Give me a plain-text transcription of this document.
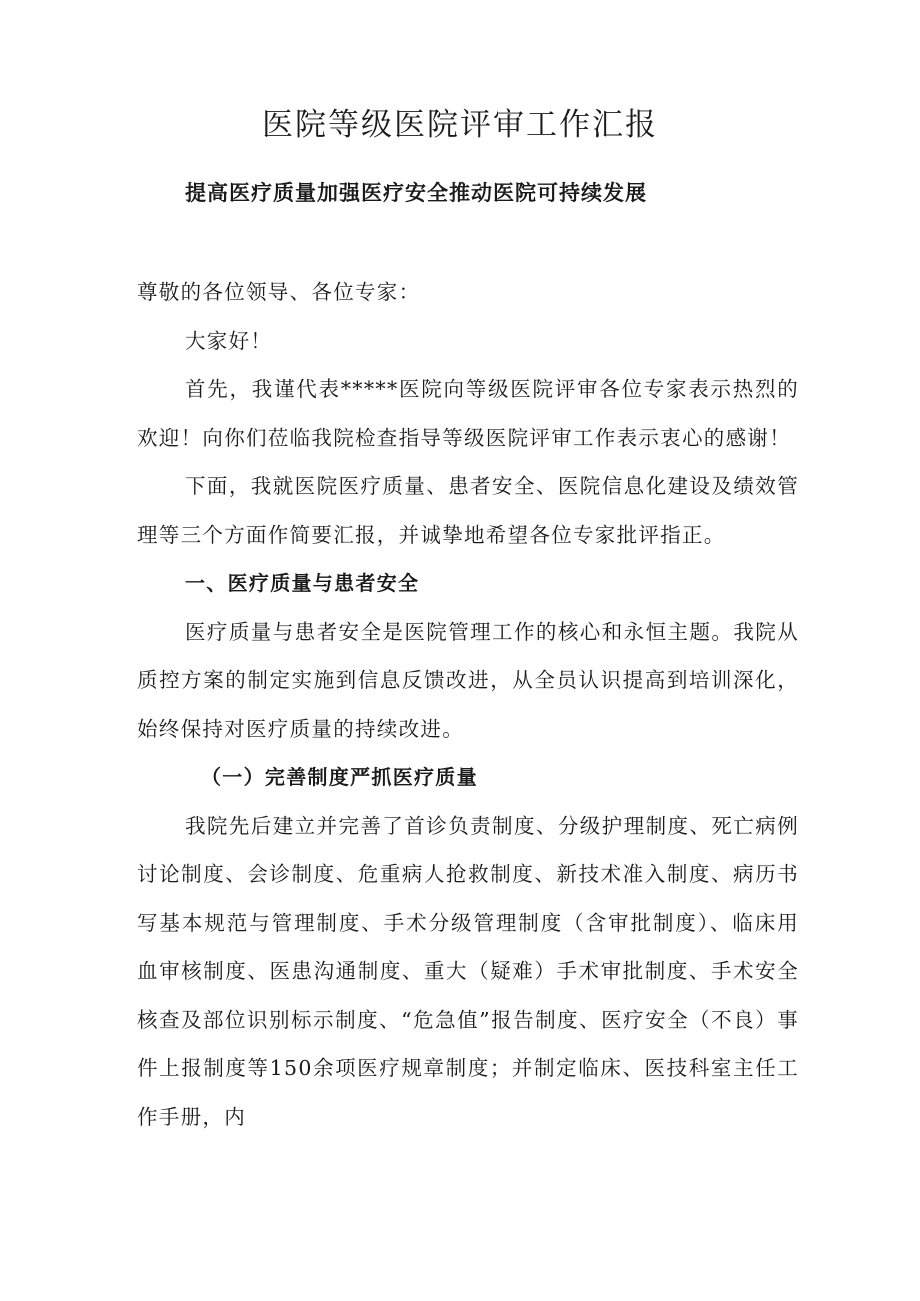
医院等级医院评审工作汇报
提高医疗质量加强医疗安全推动医院可持续发展

尊敬的各位领导、各位专家：

大家好！

首先，我谨代表*****医院向等级医院评审各位专家表示热烈的欢迎！向你们莅临我院检查指导等级医院评审工作表示衷心的感谢！

下面，我就医院医疗质量、患者安全、医院信息化建设及绩效管理等三个方面作简要汇报，并诚挚地希望各位专家批评指正。

一、医疗质量与患者安全

医疗质量与患者安全是医院管理工作的核心和永恒主题。我院从质控方案的制定实施到信息反馈改进，从全员认识提高到培训深化，始终保持对医疗质量的持续改进。

（一）完善制度严抓医疗质量

我院先后建立并完善了首诊负责制度、分级护理制度、死亡病例讨论制度、会诊制度、危重病人抢救制度、新技术准入制度、病历书写基本规范与管理制度、手术分级管理制度（含审批制度）、临床用血审核制度、医患沟通制度、重大（疑难）手术审批制度、手术安全核查及部位识别标示制度、“危急值”报告制度、医疗安全（不良）事件上报制度等150余项医疗规章制度；并制定临床、医技科室主任工作手册，内
